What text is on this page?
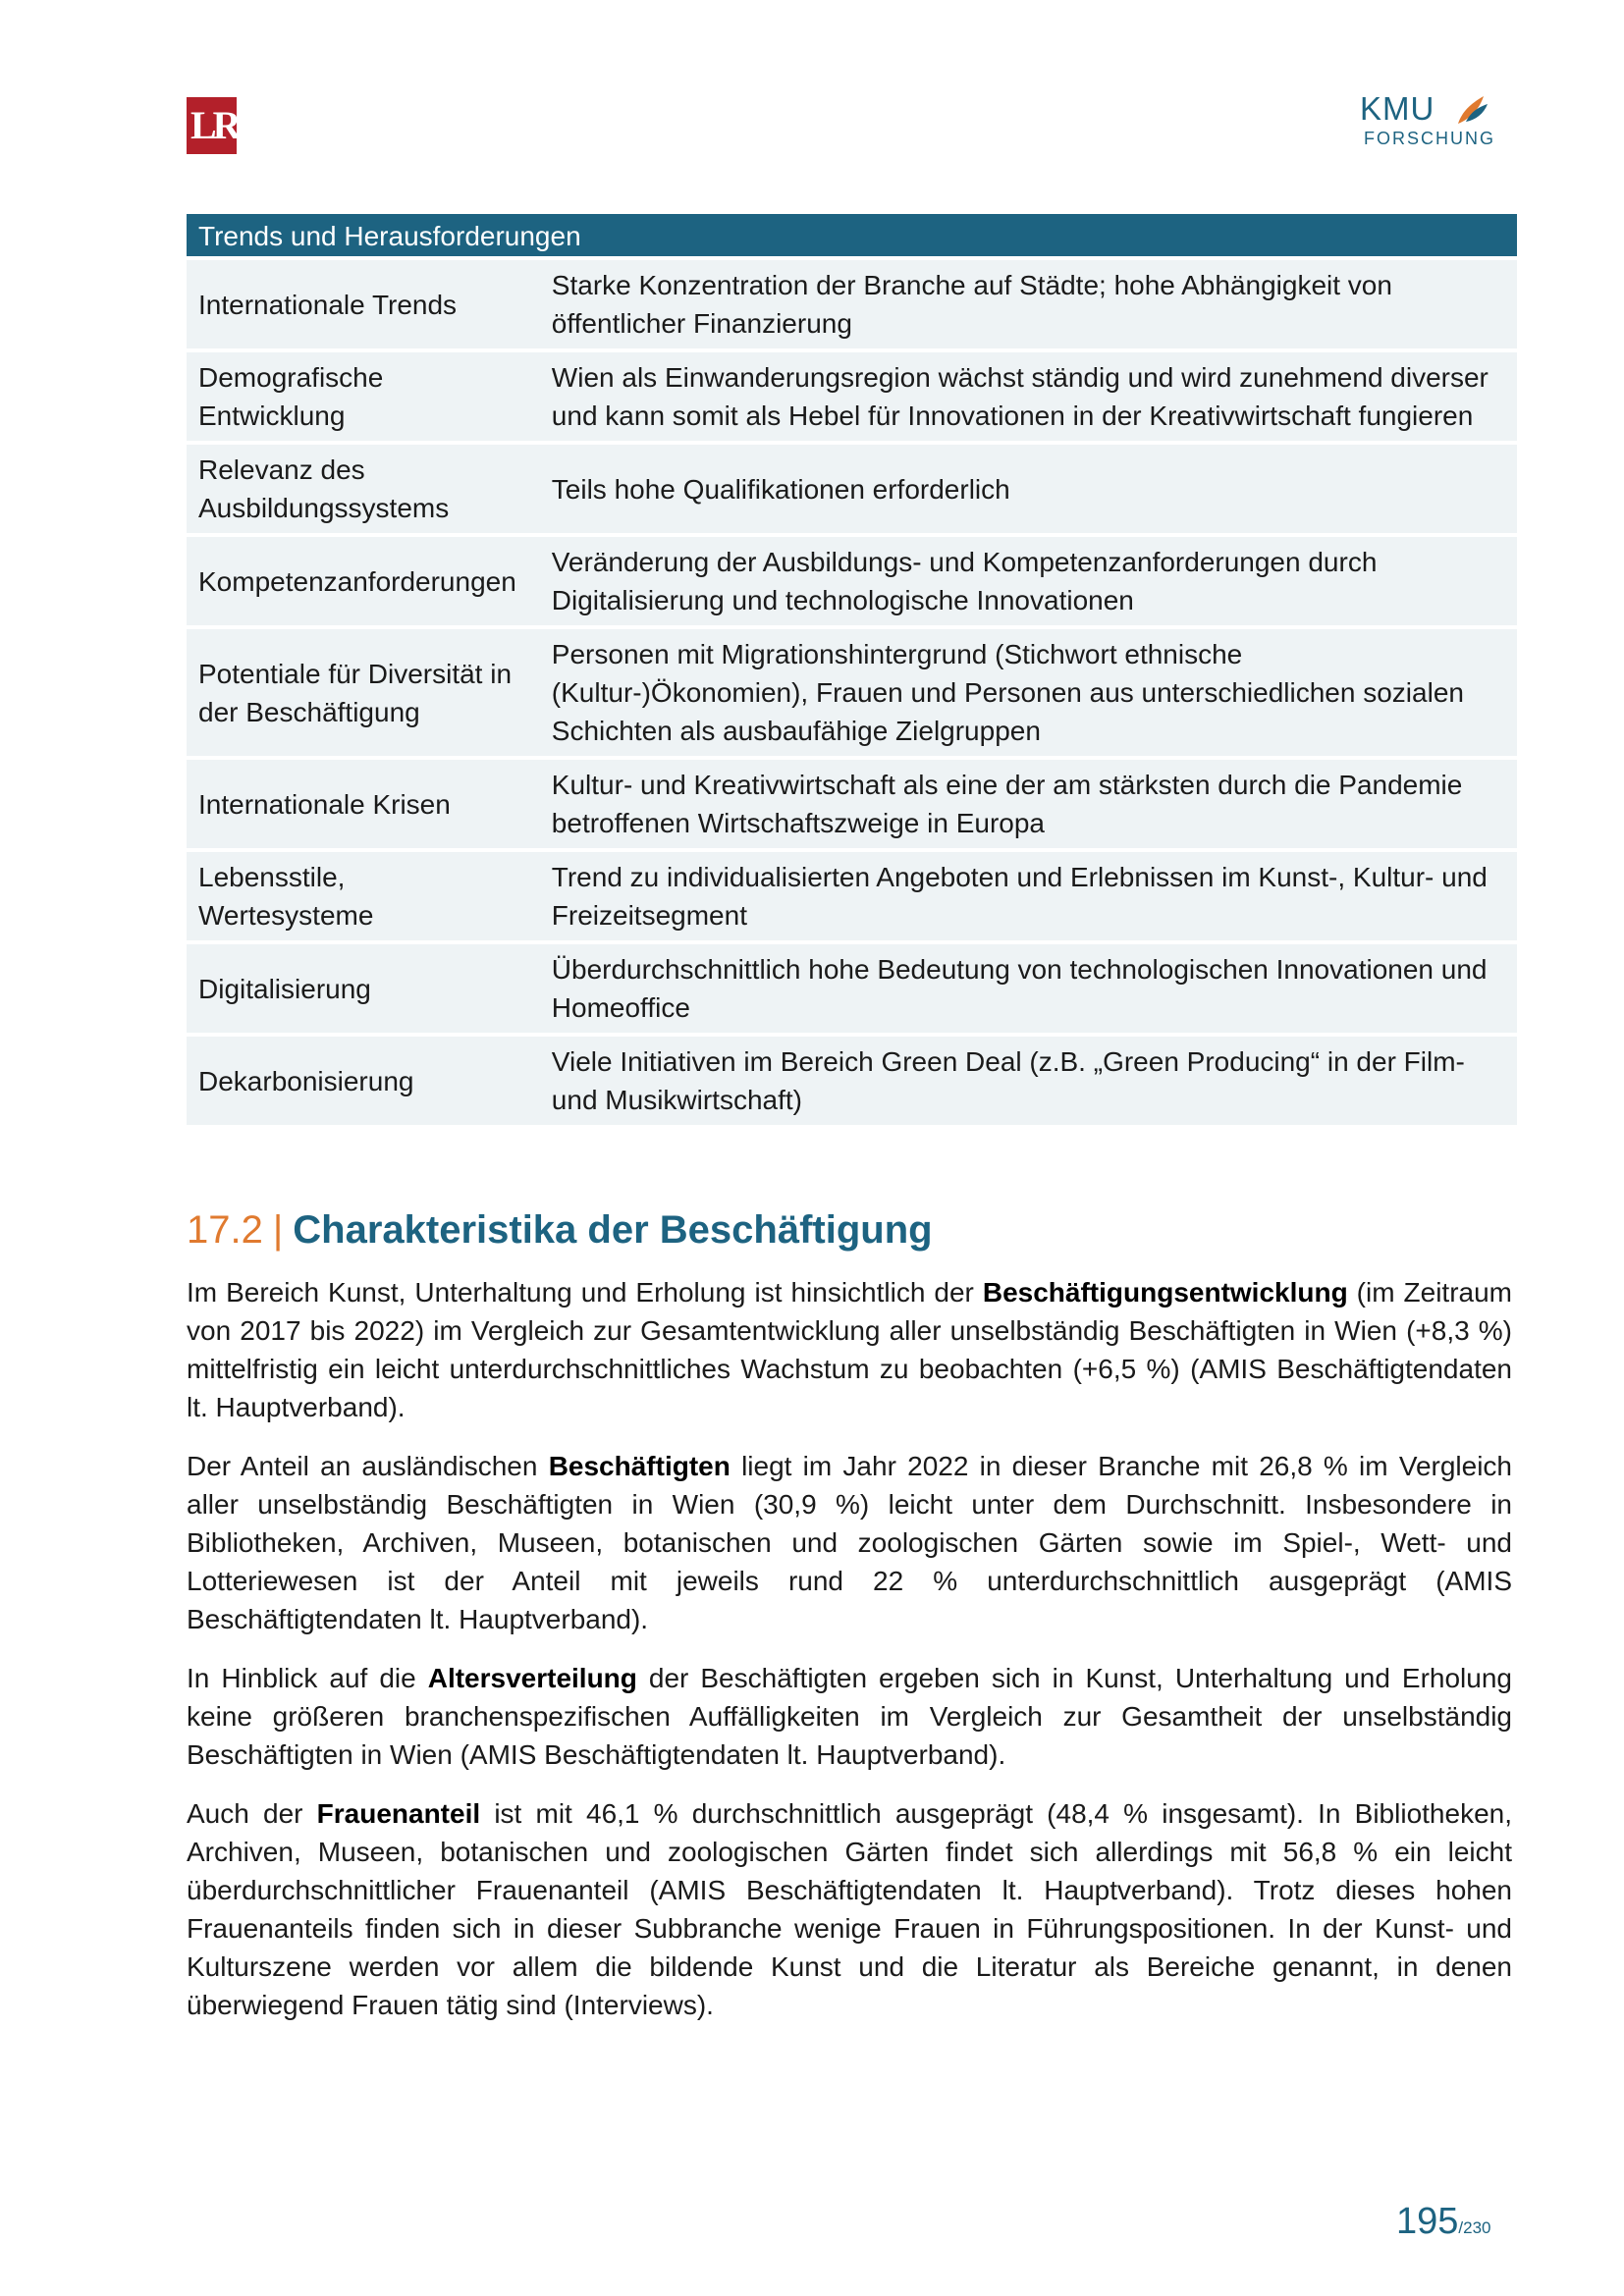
LR KMU FORSCHUNG	KMU
FORSCHUNG
Trends und Herausforderungen	
Internationale Trends	Starke Konzentration der Branche auf Städte; hohe Abhängigkeit von öffentlicher Finanzierung
Demografische Entwicklung	Wien als Einwanderungsregion wächst ständig und wird zunehmend diverser und kann somit als Hebel für Innovationen in der Kreativwirtschaft fungieren
Relevanz des Ausbildungssystems	Teils hohe Qualifikationen erforderlich
Kompetenzanforderungen	Veränderung der Ausbildungs- und Kompetenzanforderungen durch Digitalisierung und technologische Innovationen
Potentiale für Diversität in der Beschäftigung	Personen mit Migrationshintergrund (Stichwort ethnische (Kultur-)Ökonomien), Frauen und Personen aus unterschiedlichen sozialen Schichten als ausbaufähige Zielgruppen
Internationale Krisen	Kultur- und Kreativwirtschaft als eine der am stärksten durch die Pandemie betroffenen Wirtschaftszweige in Europa
Lebensstile, Wertesysteme	Trend zu individualisierten Angeboten und Erlebnissen im Kunst-, Kultur- und Freizeitsegment
Digitalisierung	Überdurchschnittlich hohe Bedeutung von technologischen Innovationen und Homeoffice
Dekarbonisierung	Viele Initiativen im Bereich Green Deal (z.B. „Green Producing“ in der Film- und Musikwirtschaft)
17.2 | Charakteristika der Beschäftigung

Im Bereich Kunst, Unterhaltung und Erholung ist hinsichtlich der Beschäftigungsentwicklung (im Zeitraum von 2017 bis 2022) im Vergleich zur Gesamtentwicklung aller unselbständig Beschäftigten in Wien (+8,3 %) mittelfristig ein leicht unterdurchschnittliches Wachstum zu beobachten (+6,5 %) (AMIS Beschäftigtendaten lt. Hauptverband).

Der Anteil an ausländischen Beschäftigten liegt im Jahr 2022 in dieser Branche mit 26,8 % im Vergleich aller unselbständig Beschäftigten in Wien (30,9 %) leicht unter dem Durchschnitt. Insbesondere in Bibliotheken, Archiven, Museen, botanischen und zoologischen Gärten sowie im Spiel-, Wett- und Lotteriewesen ist der Anteil mit jeweils rund 22 % unterdurchschnittlich ausgeprägt (AMIS Beschäftigtendaten lt. Hauptverband).

In Hinblick auf die Altersverteilung der Beschäftigten ergeben sich in Kunst, Unterhaltung und Erholung keine größeren branchenspezifischen Auffälligkeiten im Vergleich zur Gesamtheit der unselbständig Beschäftigten in Wien (AMIS Beschäftigtendaten lt. Hauptverband).

Auch der Frauenanteil ist mit 46,1 % durchschnittlich ausgeprägt (48,4 % insgesamt). In Bibliotheken, Archiven, Museen, botanischen und zoologischen Gärten findet sich allerdings mit 56,8 % ein leicht überdurchschnittlicher Frauenanteil (AMIS Beschäftigtendaten lt. Hauptverband). Trotz dieses hohen Frauenanteils finden sich in dieser Subbranche wenige Frauen in Führungspositionen. In der Kunst- und Kulturszene werden vor allem die bildende Kunst und die Literatur als Bereiche genannt, in denen überwiegend Frauen tätig sind (Interviews).

195/230
